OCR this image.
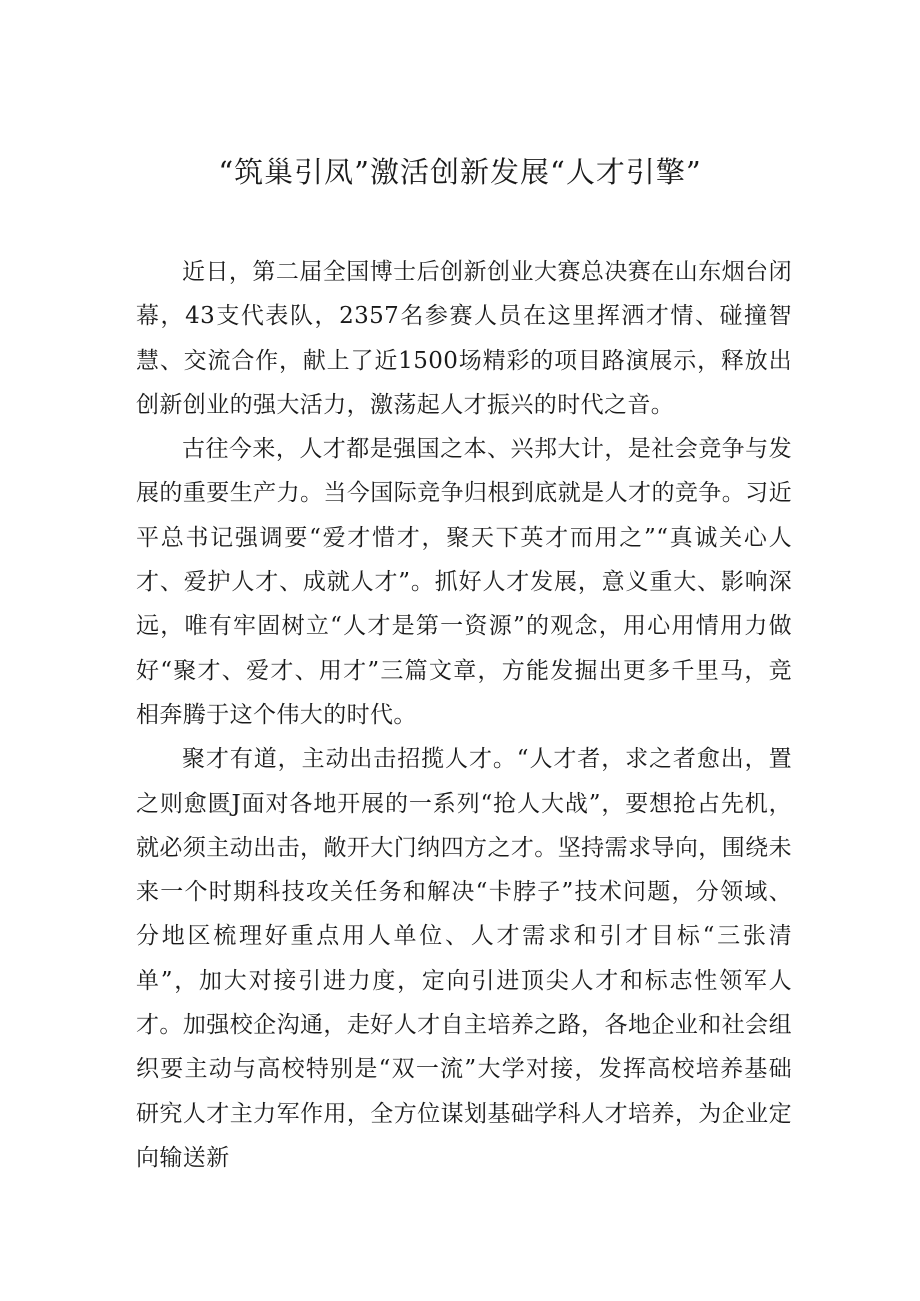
“筑巢引凤”激活创新发展“人才引擎”

近日，第二届全国博士后创新创业大赛总决赛在山东烟台闭幕，43支代表队，2357名参赛人员在这里挥洒才情、碰撞智慧、交流合作，献上了近1500场精彩的项目路演展示，释放出创新创业的强大活力，激荡起人才振兴的时代之音。

古往今来，人才都是强国之本、兴邦大计，是社会竞争与发展的重要生产力。当今国际竞争归根到底就是人才的竞争。习近平总书记强调要“爱才惜才，聚天下英才而用之”“真诚关心人才、爱护人才、成就人才”。抓好人才发展，意义重大、影响深远，唯有牢固树立“人才是第一资源”的观念，用心用情用力做好“聚才、爱才、用才”三篇文章，方能发掘出更多千里马，竞相奔腾于这个伟大的时代。

聚才有道，主动出击招揽人才。“人才者，求之者愈出，置之则愈匮J面对各地开展的一系列“抢人大战”，要想抢占先机，就必须主动出击，敞开大门纳四方之才。坚持需求导向，围绕未来一个时期科技攻关任务和解决“卡脖子”技术问题，分领域、分地区梳理好重点用人单位、人才需求和引才目标“三张清单”，加大对接引进力度，定向引进顶尖人才和标志性领军人才。加强校企沟通，走好人才自主培养之路，各地企业和社会组织要主动与高校特别是“双一流”大学对接，发挥高校培养基础研究人才主力军作用，全方位谋划基础学科人才培养，为企业定向输送新
